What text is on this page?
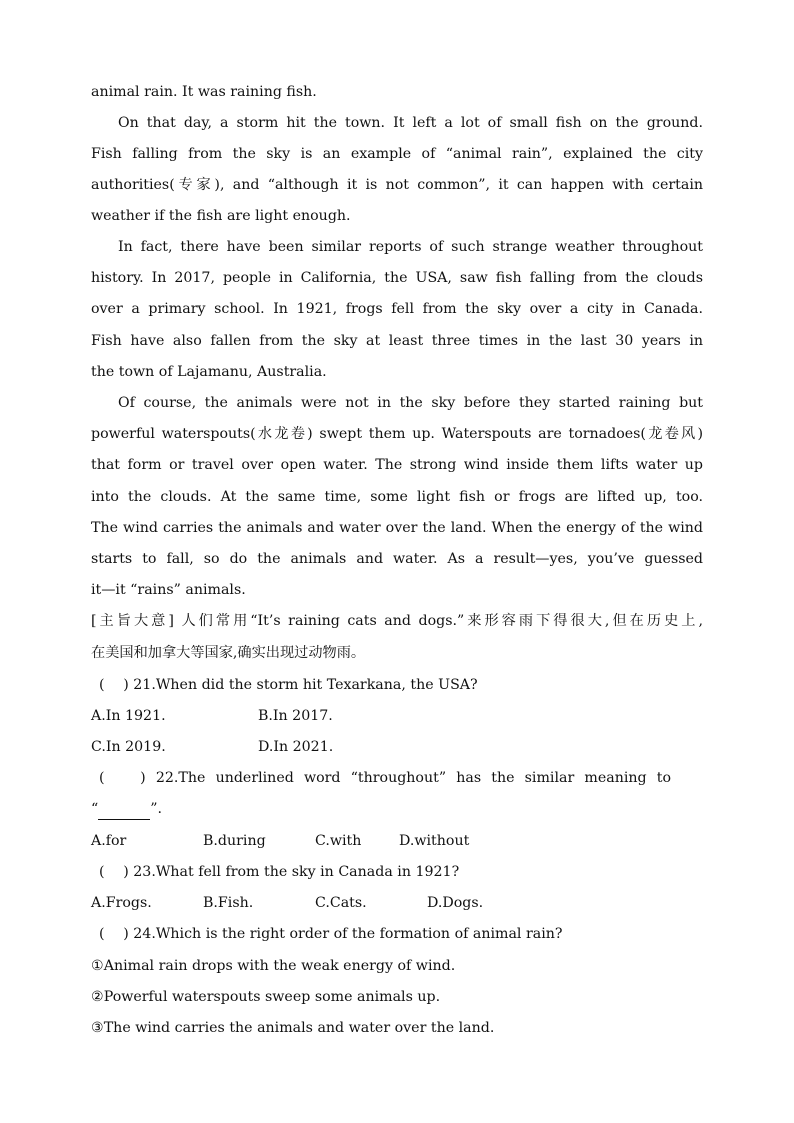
animal rain. It was raining fish.
On that day, a storm hit the town. It left a lot of small fish on the ground.
Fish falling from the sky is an example of “animal rain”, explained the city
authorities(专家), and “although it is not common”, it can happen with certain
weather if the fish are light enough.
In fact, there have been similar reports of such strange weather throughout
history. In 2017, people in California, the USA, saw fish falling from the clouds
over a primary school. In 1921, frogs fell from the sky over a city in Canada.
Fish have also fallen from the sky at least three times in the last 30 years in
the town of Lajamanu, Australia.
Of course, the animals were not in the sky before they started raining but
powerful waterspouts(水龙卷) swept them up. Waterspouts are tornadoes(龙卷风)
that form or travel over open water. The strong wind inside them lifts water up
into the clouds. At the same time, some light fish or frogs are lifted up, too.
The wind carries the animals and water over the land. When the energy of the wind
starts to fall, so do the animals and water. As a result—yes, you’ve guessed
it—it “rains” animals.
[主旨大意] 人们常用“It’s raining cats and dogs.”来形容雨下得很大,但在历史上,
在美国和加拿大等国家,确实出现过动物雨。
(　 ) 21.When did the storm hit Texarkana, the USA?
A.In 1921.	B.In 2017.
C.In 2019.	D.In 2021.
(　 ) 22.The underlined word “throughout” has the similar meaning to
“	”.
A.for	B.during	C.with	D.without
(　 ) 23.What fell from the sky in Canada in 1921?
A.Frogs.	B.Fish.	C.Cats.	D.Dogs.
(　 ) 24.Which is the right order of the formation of animal rain?
①Animal rain drops with the weak energy of wind.
②Powerful waterspouts sweep some animals up.
③The wind carries the animals and water over the land.
